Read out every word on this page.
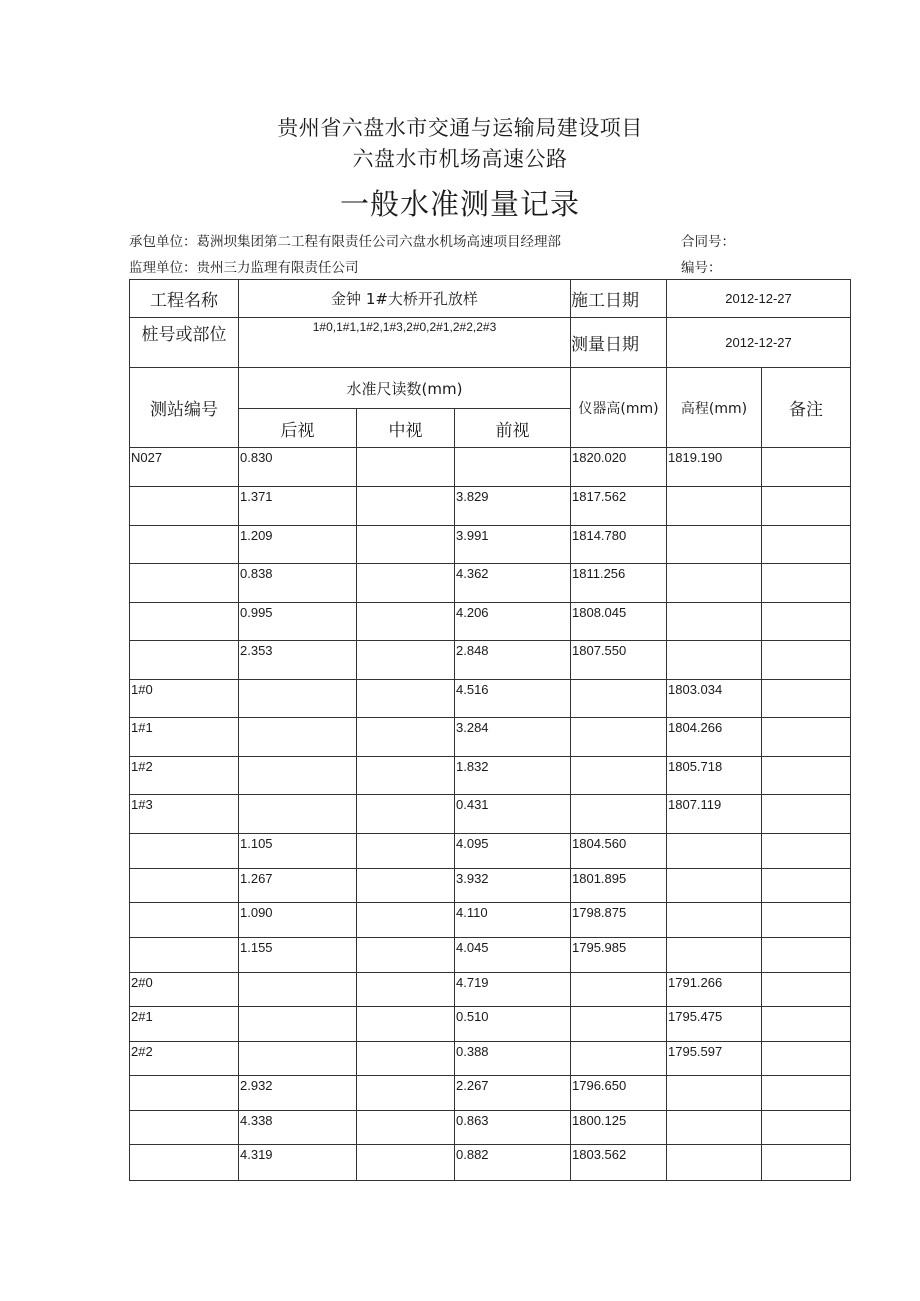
贵州省六盘水市交通与运输局建设项目
六盘水市机场高速公路
一般水准测量记录
承包单位：葛洲坝集团第二工程有限责任公司六盘水机场高速项目经理部	合同号：
监理单位：贵州三力监理有限责任公司	编号：
工程名称	金钟 1#大桥开孔放样			施工日期	2012-12-27	
桩号或部位	1#0,1#1,1#2,1#3,2#0,2#1,2#2,2#3			测量日期	2012-12-27	
测站编号	水准尺读数(mm)			仪器高(mm)	高程(mm)	备注
	后视	中视	前视			

N027	0.830			1820.020	1819.190	

	1.371		3.829	1817.562		

	1.209		3.991	1814.780		

	0.838		4.362	1811.256		

	0.995		4.206	1808.045		

	2.353		2.848	1807.550		

1#0			4.516		1803.034	

1#1			3.284		1804.266	

1#2			1.832		1805.718	

1#3			0.431		1807.119	

	1.105		4.095	1804.560		

	1.267		3.932	1801.895		

	1.090		4.110	1798.875		

	1.155		4.045	1795.985		

2#0			4.719		1791.266	

2#1			0.510		1795.475	

2#2			0.388		1795.597	

	2.932		2.267	1796.650		

	4.338		0.863	1800.125		

	4.319		0.882	1803.562		
